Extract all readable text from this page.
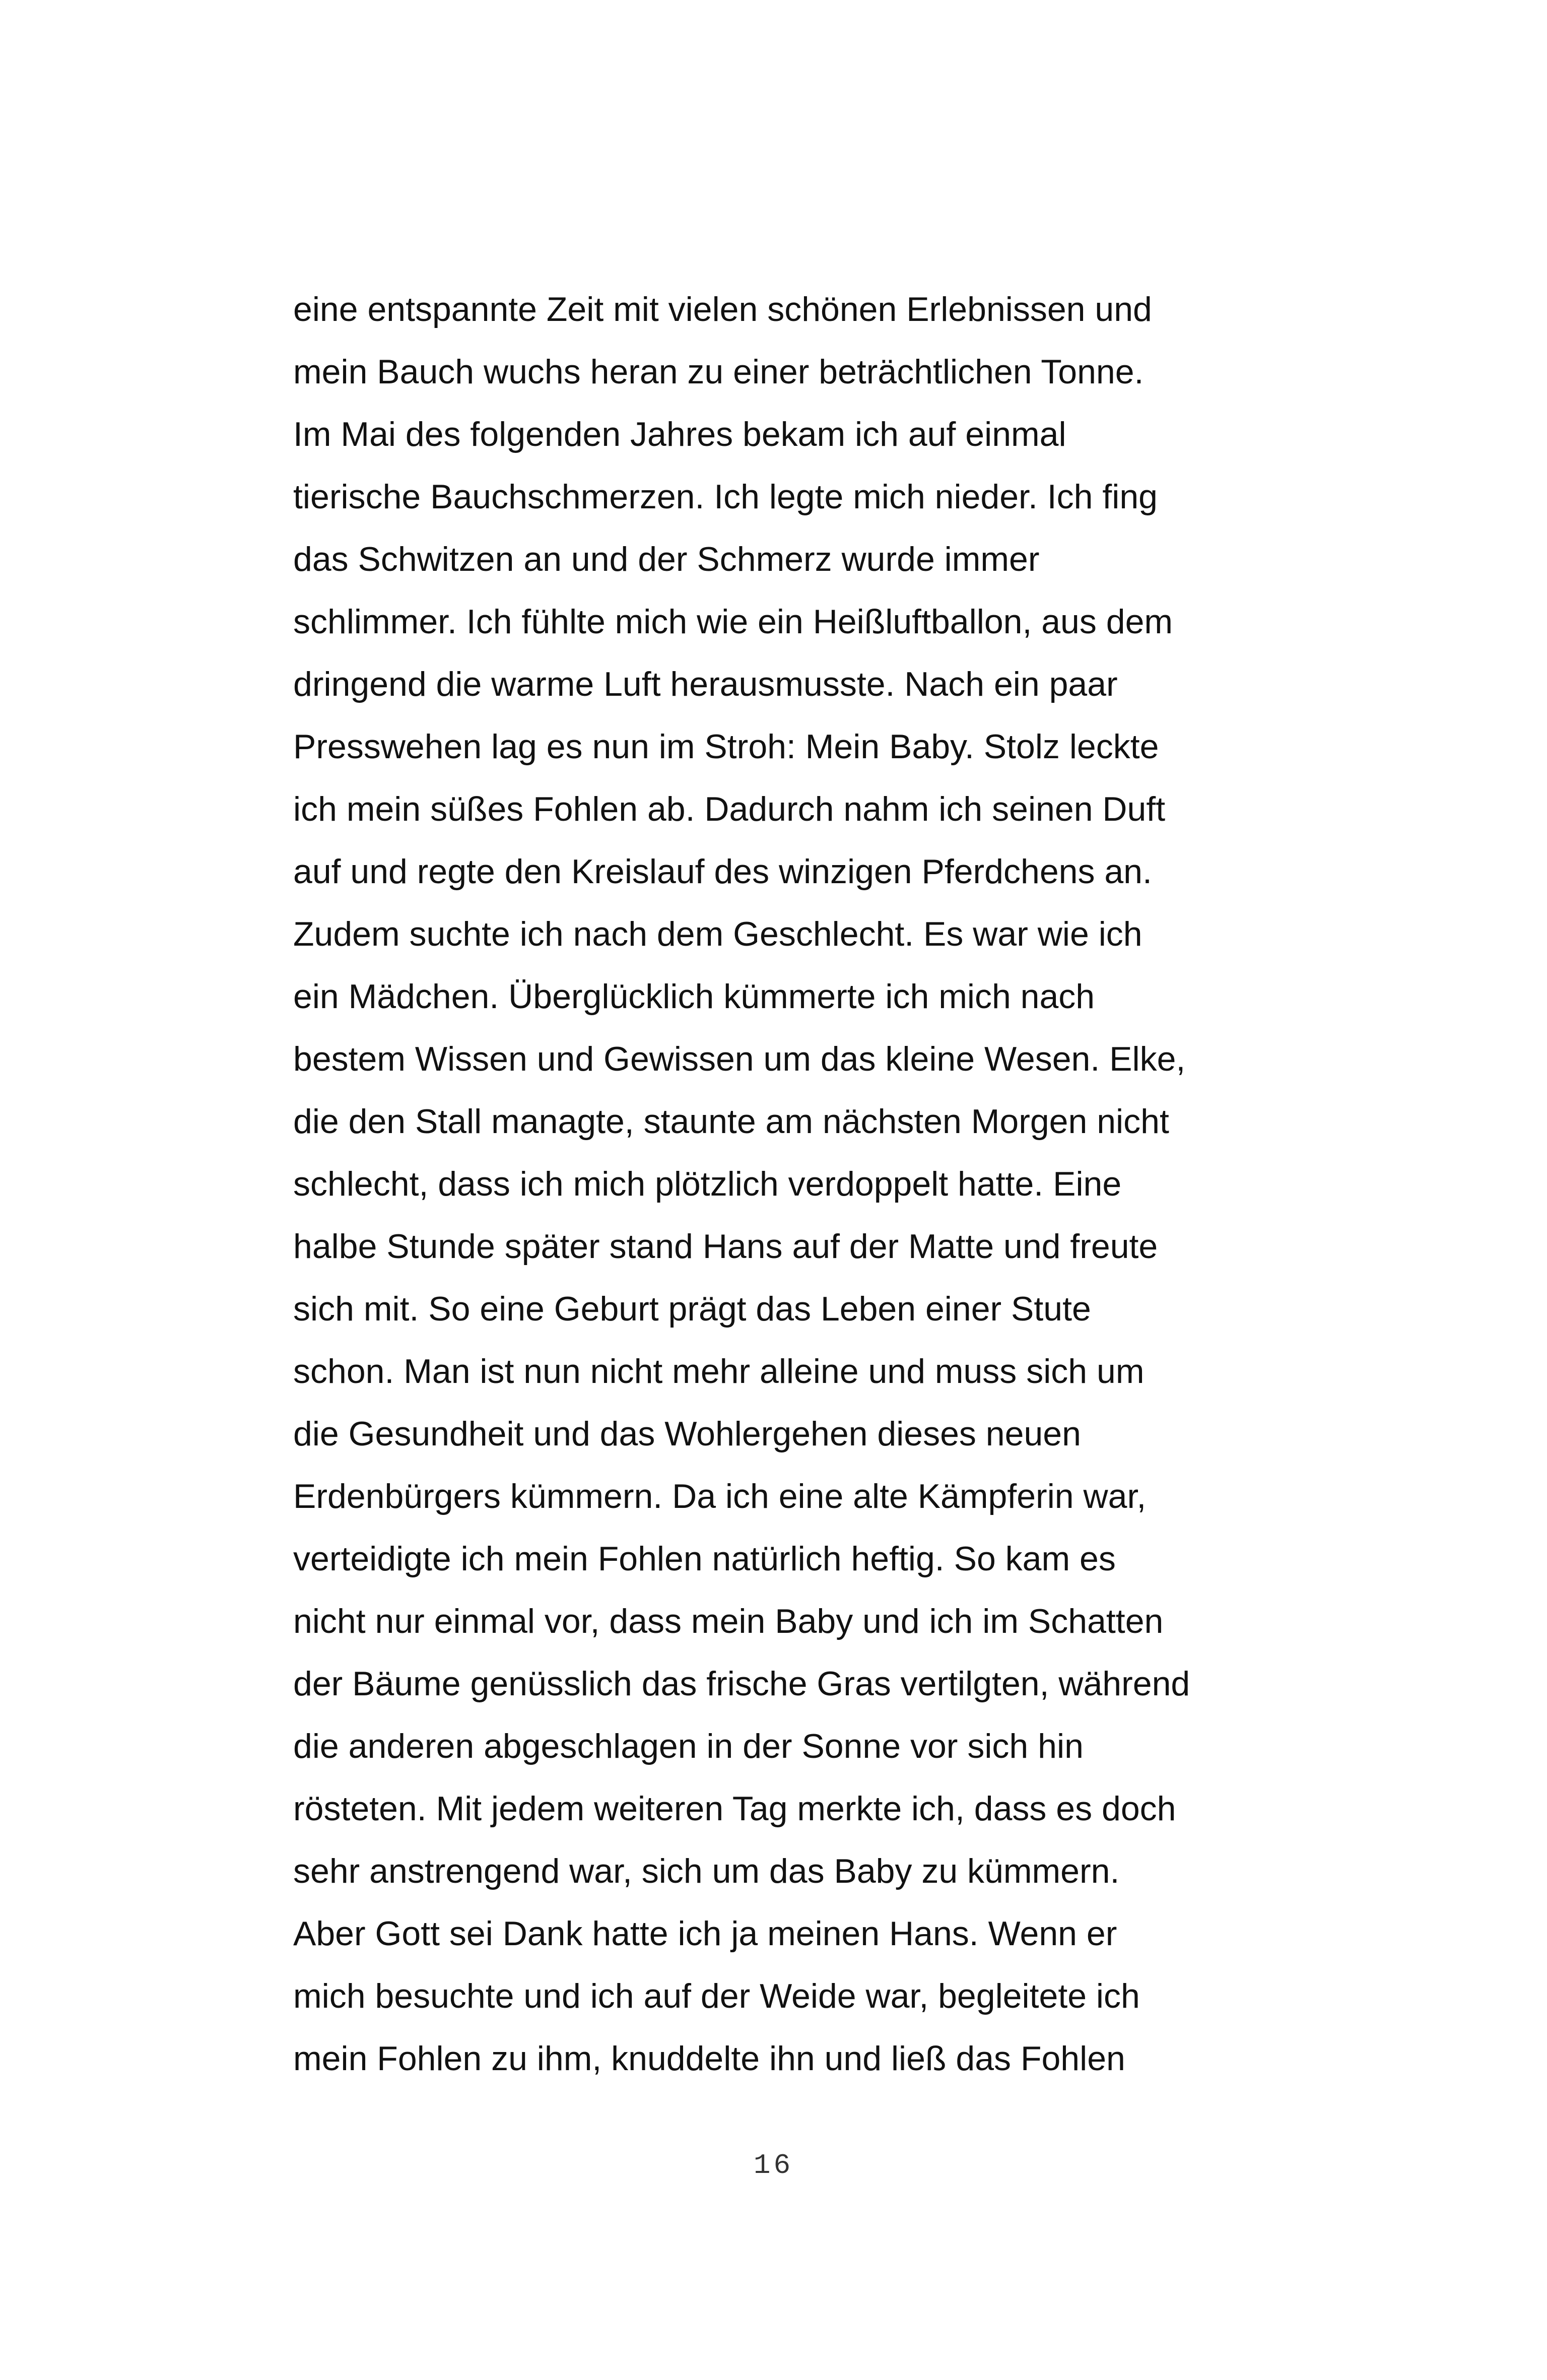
eine entspannte Zeit mit vielen schönen Erlebnissen und
mein Bauch wuchs heran zu einer beträchtlichen Tonne.
Im Mai des folgenden Jahres bekam ich auf einmal
tierische Bauchschmerzen. Ich legte mich nieder. Ich fing
das Schwitzen an und der Schmerz wurde immer
schlimmer. Ich fühlte mich wie ein Heißluftballon, aus dem
dringend die warme Luft herausmusste. Nach ein paar
Presswehen lag es nun im Stroh: Mein Baby. Stolz leckte
ich mein süßes Fohlen ab. Dadurch nahm ich seinen Duft
auf und regte den Kreislauf des winzigen Pferdchens an.
Zudem suchte ich nach dem Geschlecht. Es war wie ich
ein Mädchen. Überglücklich kümmerte ich mich nach
bestem Wissen und Gewissen um das kleine Wesen. Elke,
die den Stall managte, staunte am nächsten Morgen nicht
schlecht, dass ich mich plötzlich verdoppelt hatte. Eine
halbe Stunde später stand Hans auf der Matte und freute
sich mit. So eine Geburt prägt das Leben einer Stute
schon. Man ist nun nicht mehr alleine und muss sich um
die Gesundheit und das Wohlergehen dieses neuen
Erdenbürgers kümmern. Da ich eine alte Kämpferin war,
verteidigte ich mein Fohlen natürlich heftig. So kam es
nicht nur einmal vor, dass mein Baby und ich im Schatten
der Bäume genüsslich das frische Gras vertilgten, während
die anderen abgeschlagen in der Sonne vor sich hin
rösteten. Mit jedem weiteren Tag merkte ich, dass es doch
sehr anstrengend war, sich um das Baby zu kümmern.
Aber Gott sei Dank hatte ich ja meinen Hans. Wenn er
mich besuchte und ich auf der Weide war, begleitete ich
mein Fohlen zu ihm, knuddelte ihn und ließ das Fohlen
16
